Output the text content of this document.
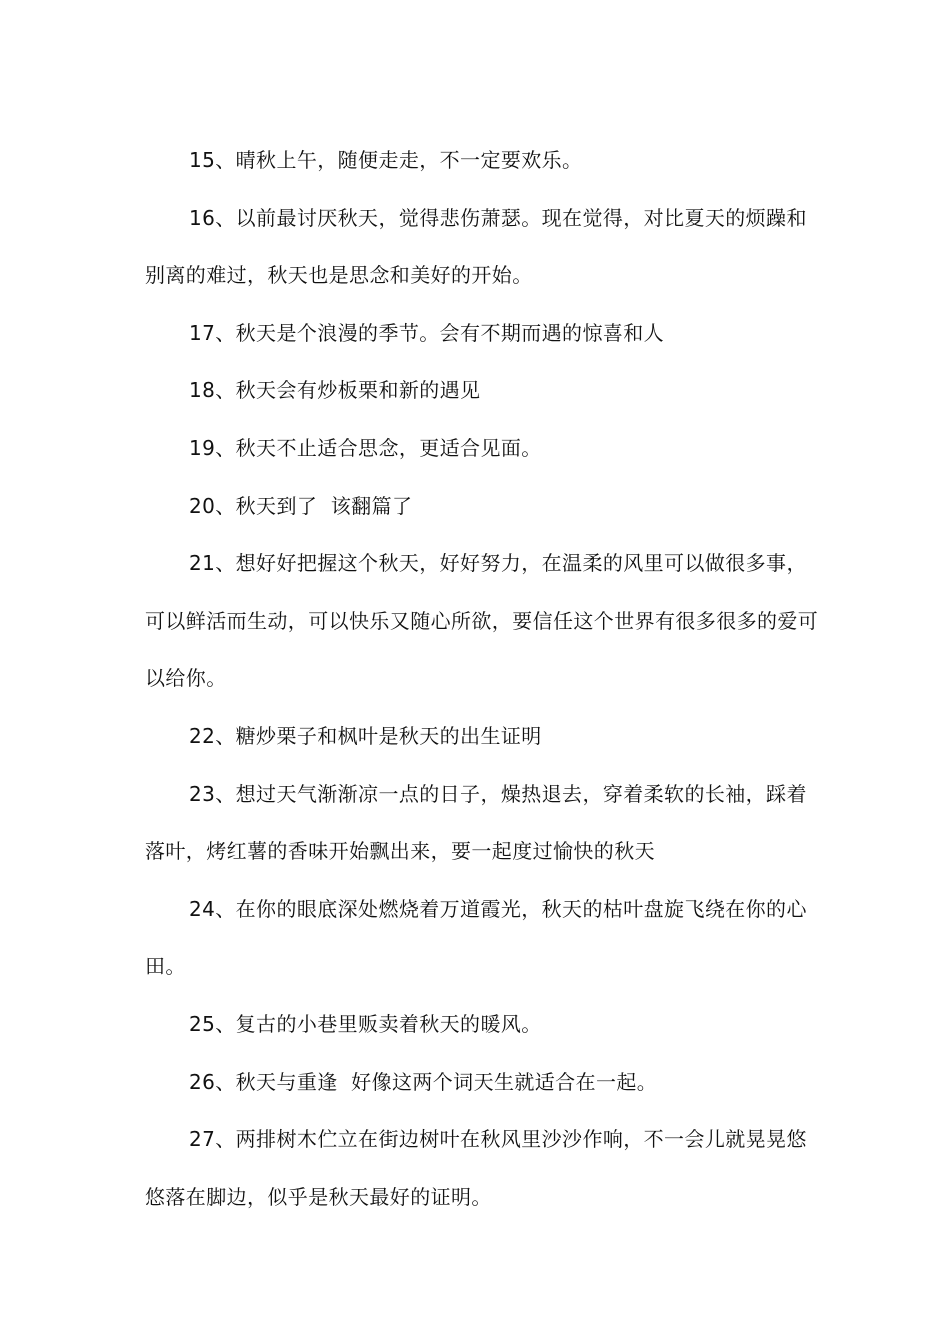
15、晴秋上午，随便走走，不一定要欢乐。

16、以前最讨厌秋天，觉得悲伤萧瑟。现在觉得，对比夏天的烦躁和别离的难过，秋天也是思念和美好的开始。

17、秋天是个浪漫的季节。会有不期而遇的惊喜和人

18、秋天会有炒板栗和新的遇见

19、秋天不止适合思念，更适合见面。

20、秋天到了  该翻篇了

21、想好好把握这个秋天，好好努力，在温柔的风里可以做很多事，可以鲜活而生动，可以快乐又随心所欲，要信任这个世界有很多很多的爱可以给你。

22、糖炒栗子和枫叶是秋天的出生证明

23、想过天气渐渐凉一点的日子，燥热退去，穿着柔软的长袖，踩着落叶，烤红薯的香味开始飘出来，要一起度过愉快的秋天

24、在你的眼底深处燃烧着万道霞光，秋天的枯叶盘旋飞绕在你的心田。

25、复古的小巷里贩卖着秋天的暖风。

26、秋天与重逢  好像这两个词天生就适合在一起。

27、两排树木伫立在街边树叶在秋风里沙沙作响，不一会儿就晃晃悠悠落在脚边，似乎是秋天最好的证明。
